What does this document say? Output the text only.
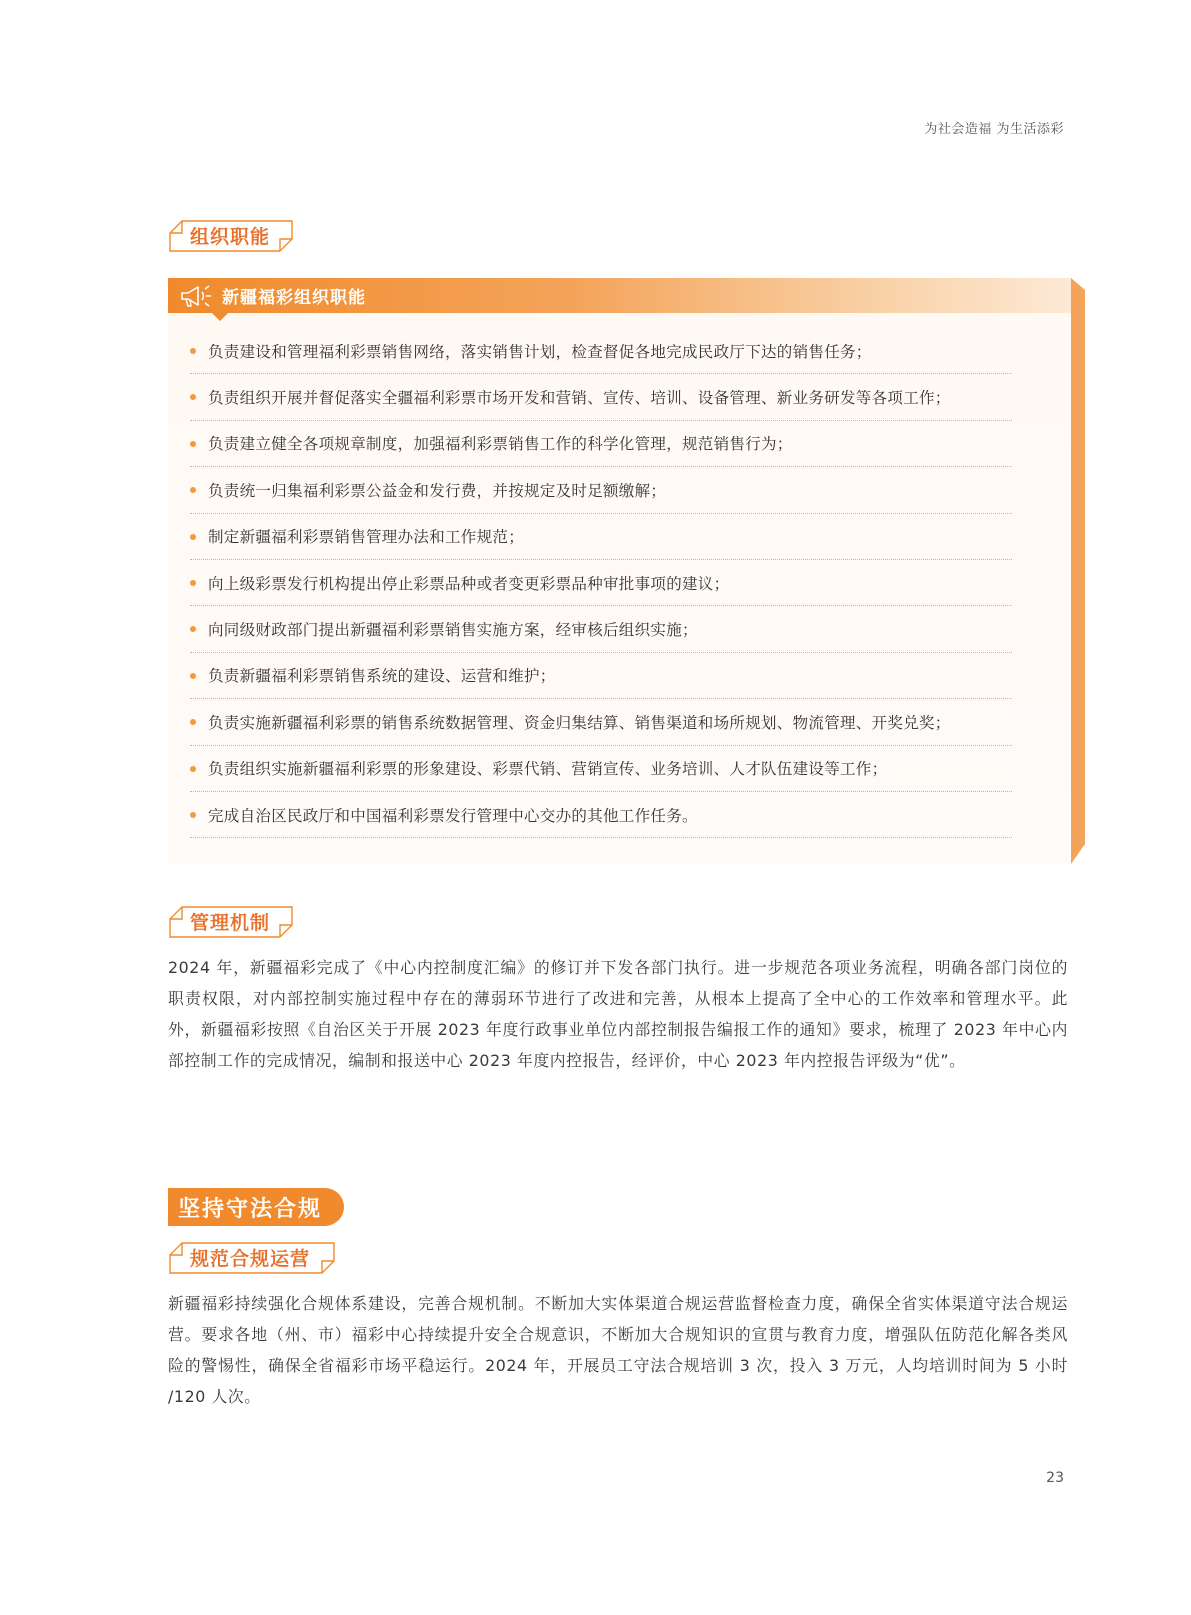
为社会造福 为生活添彩
组织职能
新疆福彩组织职能
负责建设和管理福利彩票销售网络，落实销售计划，检查督促各地完成民政厅下达的销售任务；
负责组织开展并督促落实全疆福利彩票市场开发和营销、宣传、培训、设备管理、新业务研发等各项工作；
负责建立健全各项规章制度，加强福利彩票销售工作的科学化管理，规范销售行为；
负责统一归集福利彩票公益金和发行费，并按规定及时足额缴解；
制定新疆福利彩票销售管理办法和工作规范；
向上级彩票发行机构提出停止彩票品种或者变更彩票品种审批事项的建议；
向同级财政部门提出新疆福利彩票销售实施方案，经审核后组织实施；
负责新疆福利彩票销售系统的建设、运营和维护；
负责实施新疆福利彩票的销售系统数据管理、资金归集结算、销售渠道和场所规划、物流管理、开奖兑奖；
负责组织实施新疆福利彩票的形象建设、彩票代销、营销宣传、业务培训、人才队伍建设等工作；
完成自治区民政厅和中国福利彩票发行管理中心交办的其他工作任务。
管理机制

2024 年，新疆福彩完成了《中心内控制度汇编》的修订并下发各部门执行。进一步规范各项业务流程，明确各部门岗位的职责权限，对内部控制实施过程中存在的薄弱环节进行了改进和完善，从根本上提高了全中心的工作效率和管理水平。此外，新疆福彩按照《自治区关于开展 2023 年度行政事业单位内部控制报告编报工作的通知》要求，梳理了 2023 年中心内部控制工作的完成情况，编制和报送中心 2023 年度内控报告，经评价，中心 2023 年内控报告评级为“优”。

坚持守法合规
规范合规运营

新疆福彩持续强化合规体系建设，完善合规机制。不断加大实体渠道合规运营监督检查力度，确保全省实体渠道守法合规运营。要求各地（州、市）福彩中心持续提升安全合规意识，不断加大合规知识的宣贯与教育力度，增强队伍防范化解各类风险的警惕性，确保全省福彩市场平稳运行。2024 年，开展员工守法合规培训 3 次，投入 3 万元，人均培训时间为 5 小时 /120 人次。

23
